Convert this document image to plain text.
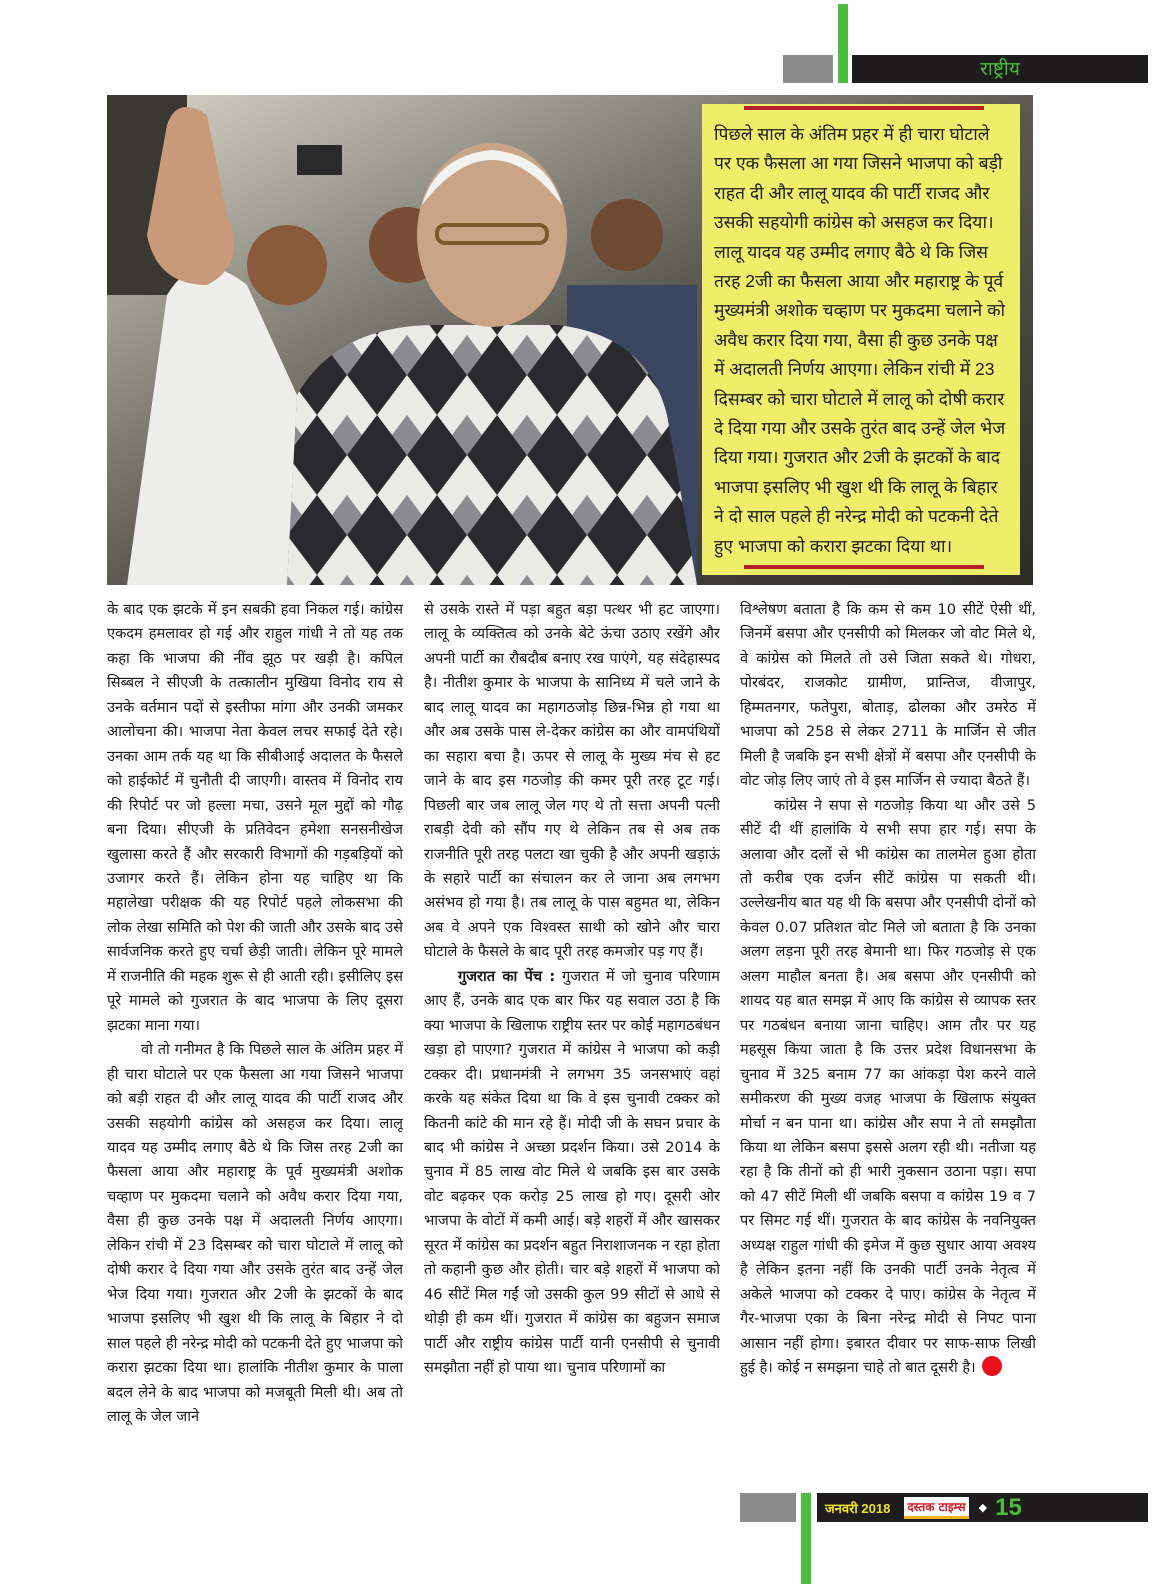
राष्ट्रीय

पिछले साल के अंतिम प्रहर में ही चारा घोटाले पर एक फैसला आ गया जिसने भाजपा को बड़ी राहत दी और लालू यादव की पार्टी राजद और उसकी सहयोगी कांग्रेस को असहज कर दिया। लालू यादव यह उम्मीद लगाए बैठे थे कि जिस तरह 2जी का फैसला आया और महाराष्ट्र के पूर्व मुख्यमंत्री अशोक चव्हाण पर मुकदमा चलाने को अवैध करार दिया गया, वैसा ही कुछ उनके पक्ष में अदालती निर्णय आएगा। लेकिन रांची में 23 दिसम्बर को चारा घोटाले में लालू को दोषी करार दे दिया गया और उसके तुरंत बाद उन्हें जेल भेज दिया गया। गुजरात और 2जी के झटकों के बाद भाजपा इसलिए भी खुश थी कि लालू के बिहार ने दो साल पहले ही नरेन्द्र मोदी को पटकनी देते हुए भाजपा को करारा झटका दिया था।

के बाद एक झटके में इन सबकी हवा निकल गई। कांग्रेस एकदम हमलावर हो गई और राहुल गांधी ने तो यह तक कहा कि भाजपा की नींव झूठ पर खड़ी है। कपिल सिब्बल ने सीएजी के तत्कालीन मुखिया विनोद राय से उनके वर्तमान पदों से इस्तीफा मांगा और उनकी जमकर आलोचना की। भाजपा नेता केवल लचर सफाई देते रहे। उनका आम तर्क यह था कि सीबीआई अदालत के फैसले को हाईकोर्ट में चुनौती दी जाएगी। वास्तव में विनोद राय की रिपोर्ट पर जो हल्ला मचा, उसने मूल मुद्दों को गौढ़ बना दिया। सीएजी के प्रतिवेदन हमेशा सनसनीखेज खुलासा करते हैं और सरकारी विभागों की गड़बड़ियों को उजागर करते हैं। लेकिन होना यह चाहिए था कि महालेखा परीक्षक की यह रिपोर्ट पहले लोकसभा की लोक लेखा समिति को पेश की जाती और उसके बाद उसे सार्वजनिक करते हुए चर्चा छेड़ी जाती। लेकिन पूरे मामले में राजनीति की महक शुरू से ही आती रही। इसीलिए इस पूरे मामले को गुजरात के बाद भाजपा के लिए दूसरा झटका माना गया।

वो तो गनीमत है कि पिछले साल के अंतिम प्रहर में ही चारा घोटाले पर एक फैसला आ गया जिसने भाजपा को बड़ी राहत दी और लालू यादव की पार्टी राजद और उसकी सहयोगी कांग्रेस को असहज कर दिया। लालू यादव यह उम्मीद लगाए बैठे थे कि जिस तरह 2जी का फैसला आया और महाराष्ट्र के पूर्व मुख्यमंत्री अशोक चव्हाण पर मुकदमा चलाने को अवैध करार दिया गया, वैसा ही कुछ उनके पक्ष में अदालती निर्णय आएगा। लेकिन रांची में 23 दिसम्बर को चारा घोटाले में लालू को दोषी करार दे दिया गया और उसके तुरंत बाद उन्हें जेल भेज दिया गया। गुजरात और 2जी के झटकों के बाद भाजपा इसलिए भी खुश थी कि लालू के बिहार ने दो साल पहले ही नरेन्द्र मोदी को पटकनी देते हुए भाजपा को करारा झटका दिया था। हालांकि नीतीश कुमार के पाला बदल लेने के बाद भाजपा को मजबूती मिली थी। अब तो लालू के जेल जाने

से उसके रास्ते में पड़ा बहुत बड़ा पत्थर भी हट जाएगा। लालू के व्यक्तित्व को उनके बेटे ऊंचा उठाए रखेंगे और अपनी पार्टी का रौबदौब बनाए रख पाएंगे, यह संदेहास्पद है। नीतीश कुमार के भाजपा के सानिध्य में चले जाने के बाद लालू यादव का महागठजोड़ छिन्न-भिन्न हो गया था और अब उसके पास ले-देकर कांग्रेस का और वामपंथियों का सहारा बचा है। ऊपर से लालू के मुख्य मंच से हट जाने के बाद इस गठजोड़ की कमर पूरी तरह टूट गई। पिछली बार जब लालू जेल गए थे तो सत्ता अपनी पत्नी राबड़ी देवी को सौंप गए थे लेकिन तब से अब तक राजनीति पूरी तरह पलटा खा चुकी है और अपनी खड़ाऊं के सहारे पार्टी का संचालन कर ले जाना अब लगभग असंभव हो गया है। तब लालू के पास बहुमत था, लेकिन अब वे अपने एक विश्वस्त साथी को खोने और चारा घोटाले के फैसले के बाद पूरी तरह कमजोर पड़ गए हैं।

गुजरात का पेंच : गुजरात में जो चुनाव परिणाम आए हैं, उनके बाद एक बार फिर यह सवाल उठा है कि क्या भाजपा के खिलाफ राष्ट्रीय स्तर पर कोई महागठबंधन खड़ा हो पाएगा? गुजरात में कांग्रेस ने भाजपा को कड़ी टक्कर दी। प्रधानमंत्री ने लगभग 35 जनसभाएं वहां करके यह संकेत दिया था कि वे इस चुनावी टक्कर को कितनी कांटे की मान रहे हैं। मोदी जी के सघन प्रचार के बाद भी कांग्रेस ने अच्छा प्रदर्शन किया। उसे 2014 के चुनाव में 85 लाख वोट मिले थे जबकि इस बार उसके वोट बढ़कर एक करोड़ 25 लाख हो गए। दूसरी ओर भाजपा के वोटों में कमी आई। बड़े शहरों में और खासकर सूरत में कांग्रेस का प्रदर्शन बहुत निराशाजनक न रहा होता तो कहानी कुछ और होती। चार बड़े शहरों में भाजपा को 46 सीटें मिल गईं जो उसकी कुल 99 सीटों से आधे से थोड़ी ही कम थीं। गुजरात में कांग्रेस का बहुजन समाज पार्टी और राष्ट्रीय कांग्रेस पार्टी यानी एनसीपी से चुनावी समझौता नहीं हो पाया था। चुनाव परिणामों का

विश्लेषण बताता है कि कम से कम 10 सीटें ऐसी थीं, जिनमें बसपा और एनसीपी को मिलकर जो वोट मिले थे, वे कांग्रेस को मिलते तो उसे जिता सकते थे। गोधरा, पोरबंदर, राजकोट ग्रामीण, प्रान्तिज, वीजापुर, हिम्मतनगर, फतेपुरा, बोताड़, ढोलका और उमरेठ में भाजपा को 258 से लेकर 2711 के मार्जिन से जीत मिली है जबकि इन सभी क्षेत्रों में बसपा और एनसीपी के वोट जोड़ लिए जाएं तो वे इस मार्जिन से ज्यादा बैठते हैं।

कांग्रेस ने सपा से गठजोड़ किया था और उसे 5 सीटें दी थीं हालांकि ये सभी सपा हार गई। सपा के अलावा और दलों से भी कांग्रेस का तालमेल हुआ होता तो करीब एक दर्जन सीटें कांग्रेस पा सकती थी। उल्लेखनीय बात यह थी कि बसपा और एनसीपी दोनों को केवल 0.07 प्रतिशत वोट मिले जो बताता है कि उनका अलग लड़ना पूरी तरह बेमानी था। फिर गठजोड़ से एक अलग माहौल बनता है। अब बसपा और एनसीपी को शायद यह बात समझ में आए कि कांग्रेस से व्यापक स्तर पर गठबंधन बनाया जाना चाहिए। आम तौर पर यह महसूस किया जाता है कि उत्तर प्रदेश विधानसभा के चुनाव में 325 बनाम 77 का आंकड़ा पेश करने वाले समीकरण की मुख्य वजह भाजपा के खिलाफ संयुक्त मोर्चा न बन पाना था। कांग्रेस और सपा ने तो समझौता किया था लेकिन बसपा इससे अलग रही थी। नतीजा यह रहा है कि तीनों को ही भारी नुकसान उठाना पड़ा। सपा को 47 सीटें मिली थीं जबकि बसपा व कांग्रेस 19 व 7 पर सिमट गई थीं। गुजरात के बाद कांग्रेस के नवनियुक्त अध्यक्ष राहुल गांधी की इमेज में कुछ सुधार आया अवश्य है लेकिन इतना नहीं कि उनकी पार्टी उनके नेतृत्व में अकेले भाजपा को टक्कर दे पाए। कांग्रेस के नेतृत्व में गैर-भाजपा एका के बिना नरेन्द्र मोदी से निपट पाना आसान नहीं होगा। इबारत दीवार पर साफ-साफ लिखी हुई है। कोई न समझना चाहे तो बात दूसरी है।

जनवरी 2018 दस्तक टाइम्स ◆ 15
